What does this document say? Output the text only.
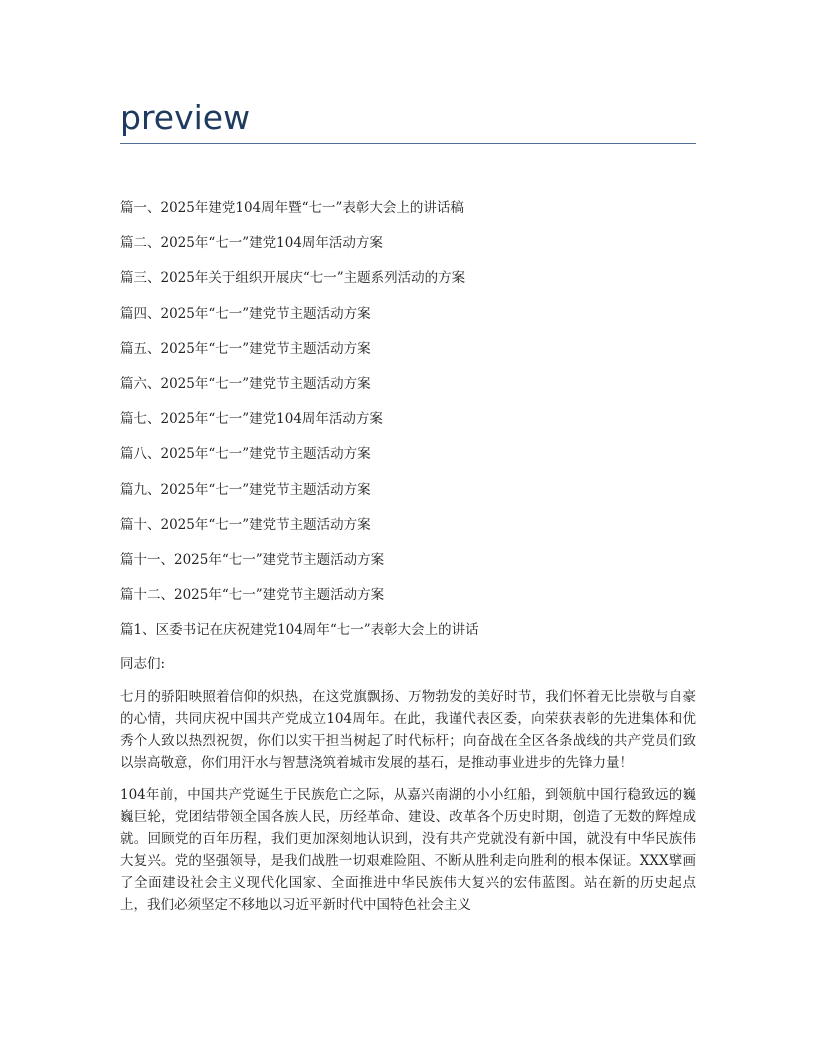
preview
篇一、2025年建党104周年暨“七一”表彰大会上的讲话稿
篇二、2025年“七一”建党104周年活动方案
篇三、2025年关于组织开展庆“七一”主题系列活动的方案
篇四、2025年“七一”建党节主题活动方案
篇五、2025年“七一”建党节主题活动方案
篇六、2025年“七一”建党节主题活动方案
篇七、2025年“七一”建党104周年活动方案
篇八、2025年“七一”建党节主题活动方案
篇九、2025年“七一”建党节主题活动方案
篇十、2025年“七一”建党节主题活动方案
篇十一、2025年“七一”建党节主题活动方案
篇十二、2025年“七一”建党节主题活动方案

篇1、区委书记在庆祝建党104周年“七一”表彰大会上的讲话

同志们:

七月的骄阳映照着信仰的炽热，在这党旗飘扬、万物勃发的美好时节，我们怀着无比崇敬与自豪的心情，共同庆祝中国共产党成立104周年。在此，我谨代表区委，向荣获表彰的先进集体和优秀个人致以热烈祝贺，你们以实干担当树起了时代标杆；向奋战在全区各条战线的共产党员们致以崇高敬意，你们用汗水与智慧浇筑着城市发展的基石，是推动事业进步的先锋力量！

104年前，中国共产党诞生于民族危亡之际，从嘉兴南湖的小小红船，到领航中国行稳致远的巍巍巨轮，党团结带领全国各族人民，历经革命、建设、改革各个历史时期，创造了无数的辉煌成就。回顾党的百年历程，我们更加深刻地认识到，没有共产党就没有新中国，就没有中华民族伟大复兴。党的坚强领导，是我们战胜一切艰难险阻、不断从胜利走向胜利的根本保证。XXX擘画了全面建设社会主义现代化国家、全面推进中华民族伟大复兴的宏伟蓝图。站在新的历史起点上，我们必须坚定不移地以习近平新时代中国特色社会主义
